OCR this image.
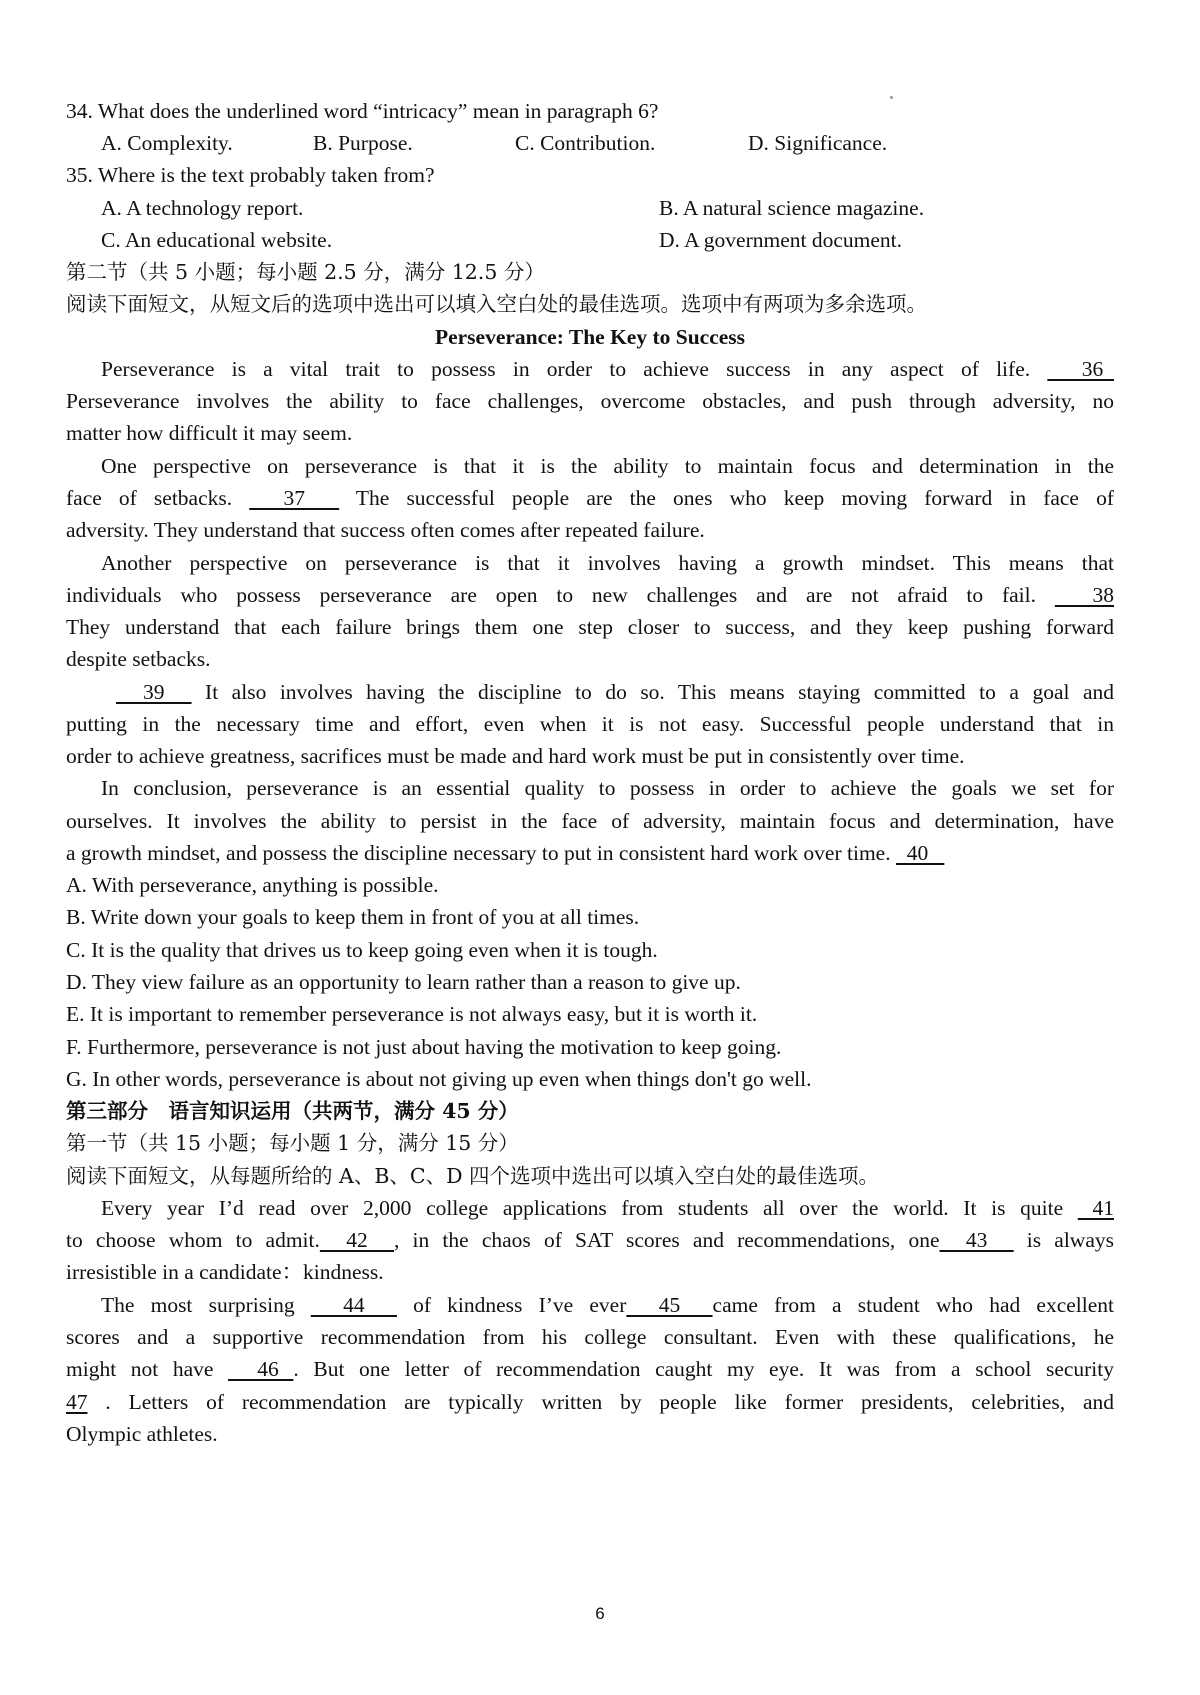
34. What does the underlined word “intricacy” mean in paragraph 6?
A. Complexity.	B. Purpose.	C. Contribution.	D. Significance.
35. Where is the text probably taken from?
A. A technology report.	B. A natural science magazine.
C. An educational website.	D. A government document.
第二节（共 5 小题；每小题 2.5 分，满分 12.5 分）
阅读下面短文，从短文后的选项中选出可以填入空白处的最佳选项。选项中有两项为多余选项。
Perseverance: The Key to Success
Perseverance is a vital trait to possess in order to achieve success in any aspect of life.   36
Perseverance involves the ability to face challenges, overcome obstacles, and push through adversity, no
matter how difficult it may seem.
One perspective on perseverance is that it is the ability to maintain focus and determination in the
face of setbacks.   37   The successful people are the ones who keep moving forward in face of
adversity. They understand that success often comes after repeated failure.
Another perspective on perseverance is that it involves having a growth mindset. This means that
individuals who possess perseverance are open to new challenges and are not afraid to fail.   38
They understand that each failure brings them one step closer to success, and they keep pushing forward
despite setbacks.
39   It also involves having the discipline to do so. This means staying committed to a goal and
putting in the necessary time and effort, even when it is not easy. Successful people understand that in
order to achieve greatness, sacrifices must be made and hard work must be put in consistently over time.
In conclusion, perseverance is an essential quality to possess in order to achieve the goals we set for
ourselves. It involves the ability to persist in the face of adversity, maintain focus and determination, have
a growth mindset, and possess the discipline necessary to put in consistent hard work over time.   40
A. With perseverance, anything is possible.
B. Write down your goals to keep them in front of you at all times.
C. It is the quality that drives us to keep going even when it is tough.
D. They view failure as an opportunity to learn rather than a reason to give up.
E. It is important to remember perseverance is not always easy, but it is worth it.
F. Furthermore, perseverance is not just about having the motivation to keep going.
G. In other words, perseverance is about not giving up even when things don't go well.
第三部分　语言知识运用（共两节，满分 45 分）
第一节（共 15 小题；每小题 1 分，满分 15 分）
阅读下面短文，从每题所给的 A、B、C、D 四个选项中选出可以填入空白处的最佳选项。
Every year I’d read over 2,000 college applications from students all over the world. It is quite  41
to choose whom to admit.  42  , in the chaos of SAT scores and recommendations, one  43   is always
irresistible in a candidate：kindness.
The most surprising   44   of kindness I’ve ever  45  came from a student who had excellent
scores and a supportive recommendation from his college consultant. Even with these qualifications, he
might not have   46 . But one letter of recommendation caught my eye. It was from a school security
47 . Letters of recommendation are typically written by people like former presidents, celebrities, and
Olympic athletes.
6
